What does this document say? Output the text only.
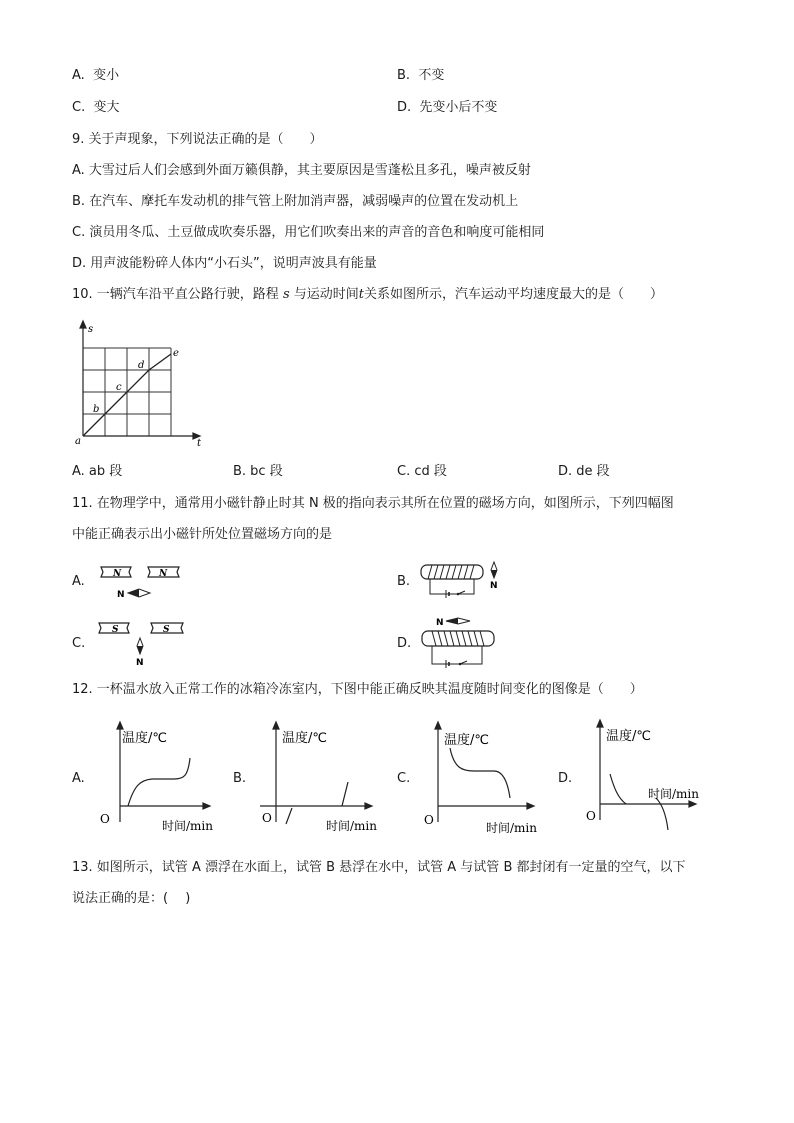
A. 变小	B. 不变
C. 变大	D. 先变小后不变
9. 关于声现象，下列说法正确的是（　　）
A. 大雪过后人们会感到外面万籁俱静，其主要原因是雪蓬松且多孔，噪声被反射
B. 在汽车、摩托车发动机的排气管上附加消声器，减弱噪声的位置在发动机上
C. 演员用冬瓜、土豆做成吹奏乐器，用它们吹奏出来的声音的音色和响度可能相同
D. 用声波能粉碎人体内“小石头”，说明声波具有能量
10. 一辆汽车沿平直公路行驶，路程 s 与运动时间t关系如图所示，汽车运动平均速度最大的是（　　）
s
t
a
b
c
d
e
A. ab 段	B. bc 段	C. cd 段	D. de 段
11. 在物理学中，通常用小磁针静止时其 N 极的指向表示其所在位置的磁场方向，如图所示，下列四幅图
中能正确表示出小磁针所处位置磁场方向的是
A.	N	N
N
B.	N
C.
S	S
N
D.
N
12. 一杯温水放入正常工作的冰箱冷冻室内，下图中能正确反映其温度随时间变化的图像是（　　）
A.
温度/℃
时间/min
O
B.
温度/℃
时间/min
O
C.
温度/℃
时间/min
O
D.
温度/℃
时间/min
O
13. 如图所示，试管 A 漂浮在水面上，试管 B 悬浮在水中，试管 A 与试管 B 都封闭有一定量的空气，以下
说法正确的是：(　 )
